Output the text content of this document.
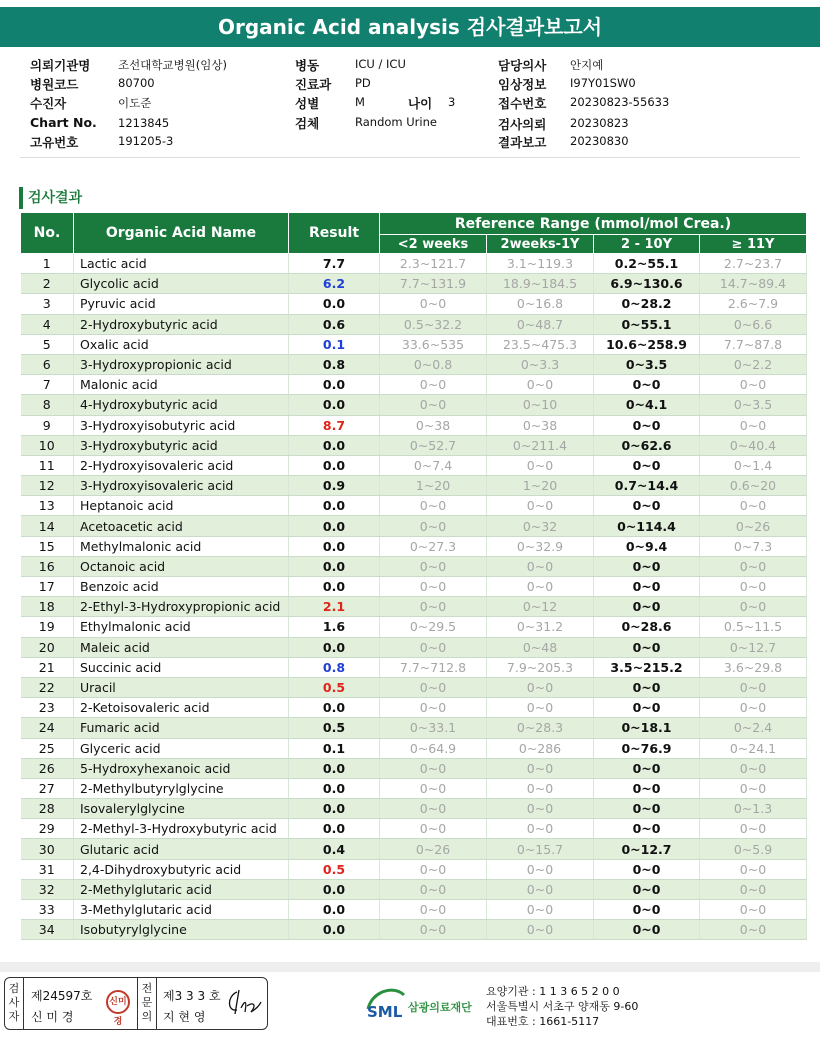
Organic Acid analysis 검사결과보고서
의뢰기관명 조선대학교병원(임상)
병원코드	80700
수진자	이도준
Chart No. 1213845
고유번호	191205-3
병동	ICU / ICU
진료과 PD
성별	M	나이 3
검체	Random Urine
담당의사 안지예
임상정보 I97Y01SW0
접수번호 20230823-55633
검사의뢰 20230823
결과보고 20230830
검사결과
No.	Organic Acid Name	Result	Reference Range (mmol/mol Crea.)			
			<2 weeks	2weeks-1Y	2 - 10Y	≥ 11Y
1	Lactic acid	7.7	2.3~121.7	3.1~119.3	0.2~55.1	2.7~23.7
2	Glycolic acid	6.2	7.7~131.9	18.9~184.5	6.9~130.6	14.7~89.4
3	Pyruvic acid	0.0	0~0	0~16.8	0~28.2	2.6~7.9
4	2-Hydroxybutyric acid	0.6	0.5~32.2	0~48.7	0~55.1	0~6.6
5	Oxalic acid	0.1	33.6~535	23.5~475.3	10.6~258.9	7.7~87.8
6	3-Hydroxypropionic acid	0.8	0~0.8	0~3.3	0~3.5	0~2.2
7	Malonic acid	0.0	0~0	0~0	0~0	0~0
8	4-Hydroxybutyric acid	0.0	0~0	0~10	0~4.1	0~3.5
9	3-Hydroxyisobutyric acid	8.7	0~38	0~38	0~0	0~0
10	3-Hydroxybutyric acid	0.0	0~52.7	0~211.4	0~62.6	0~40.4
11	2-Hydroxyisovaleric acid	0.0	0~7.4	0~0	0~0	0~1.4
12	3-Hydroxyisovaleric acid	0.9	1~20	1~20	0.7~14.4	0.6~20
13	Heptanoic acid	0.0	0~0	0~0	0~0	0~0
14	Acetoacetic acid	0.0	0~0	0~32	0~114.4	0~26
15	Methylmalonic acid	0.0	0~27.3	0~32.9	0~9.4	0~7.3
16	Octanoic acid	0.0	0~0	0~0	0~0	0~0
17	Benzoic acid	0.0	0~0	0~0	0~0	0~0
18	2-Ethyl-3-Hydroxypropionic acid	2.1	0~0	0~12	0~0	0~0
19	Ethylmalonic acid	1.6	0~29.5	0~31.2	0~28.6	0.5~11.5
20	Maleic acid	0.0	0~0	0~48	0~0	0~12.7
21	Succinic acid	0.8	7.7~712.8	7.9~205.3	3.5~215.2	3.6~29.8
22	Uracil	0.5	0~0	0~0	0~0	0~0
23	2-Ketoisovaleric acid	0.0	0~0	0~0	0~0	0~0
24	Fumaric acid	0.5	0~33.1	0~28.3	0~18.1	0~2.4
25	Glyceric acid	0.1	0~64.9	0~286	0~76.9	0~24.1
26	5-Hydroxyhexanoic acid	0.0	0~0	0~0	0~0	0~0
27	2-Methylbutyrylglycine	0.0	0~0	0~0	0~0	0~0
28	Isovalerylglycine	0.0	0~0	0~0	0~0	0~1.3
29	2-Methyl-3-Hydroxybutyric acid	0.0	0~0	0~0	0~0	0~0
30	Glutaric acid	0.4	0~26	0~15.7	0~12.7	0~5.9
31	2,4-Dihydroxybutyric acid	0.5	0~0	0~0	0~0	0~0
32	2-Methylglutaric acid	0.0	0~0	0~0	0~0	0~0
33	3-Methylglutaric acid	0.0	0~0	0~0	0~0	0~0
34	Isobutyrylglycine	0.0	0~0	0~0	0~0	0~0
검사자
제24597호
신 미 경
신미경
전문의
제3 3 3 호
지 현 영	SML 삼광의료재단
요양기관 : 1 1 3 6 5 2 0 0
서울특별시 서초구 양재동 9-60
대표번호 : 1661-5117
